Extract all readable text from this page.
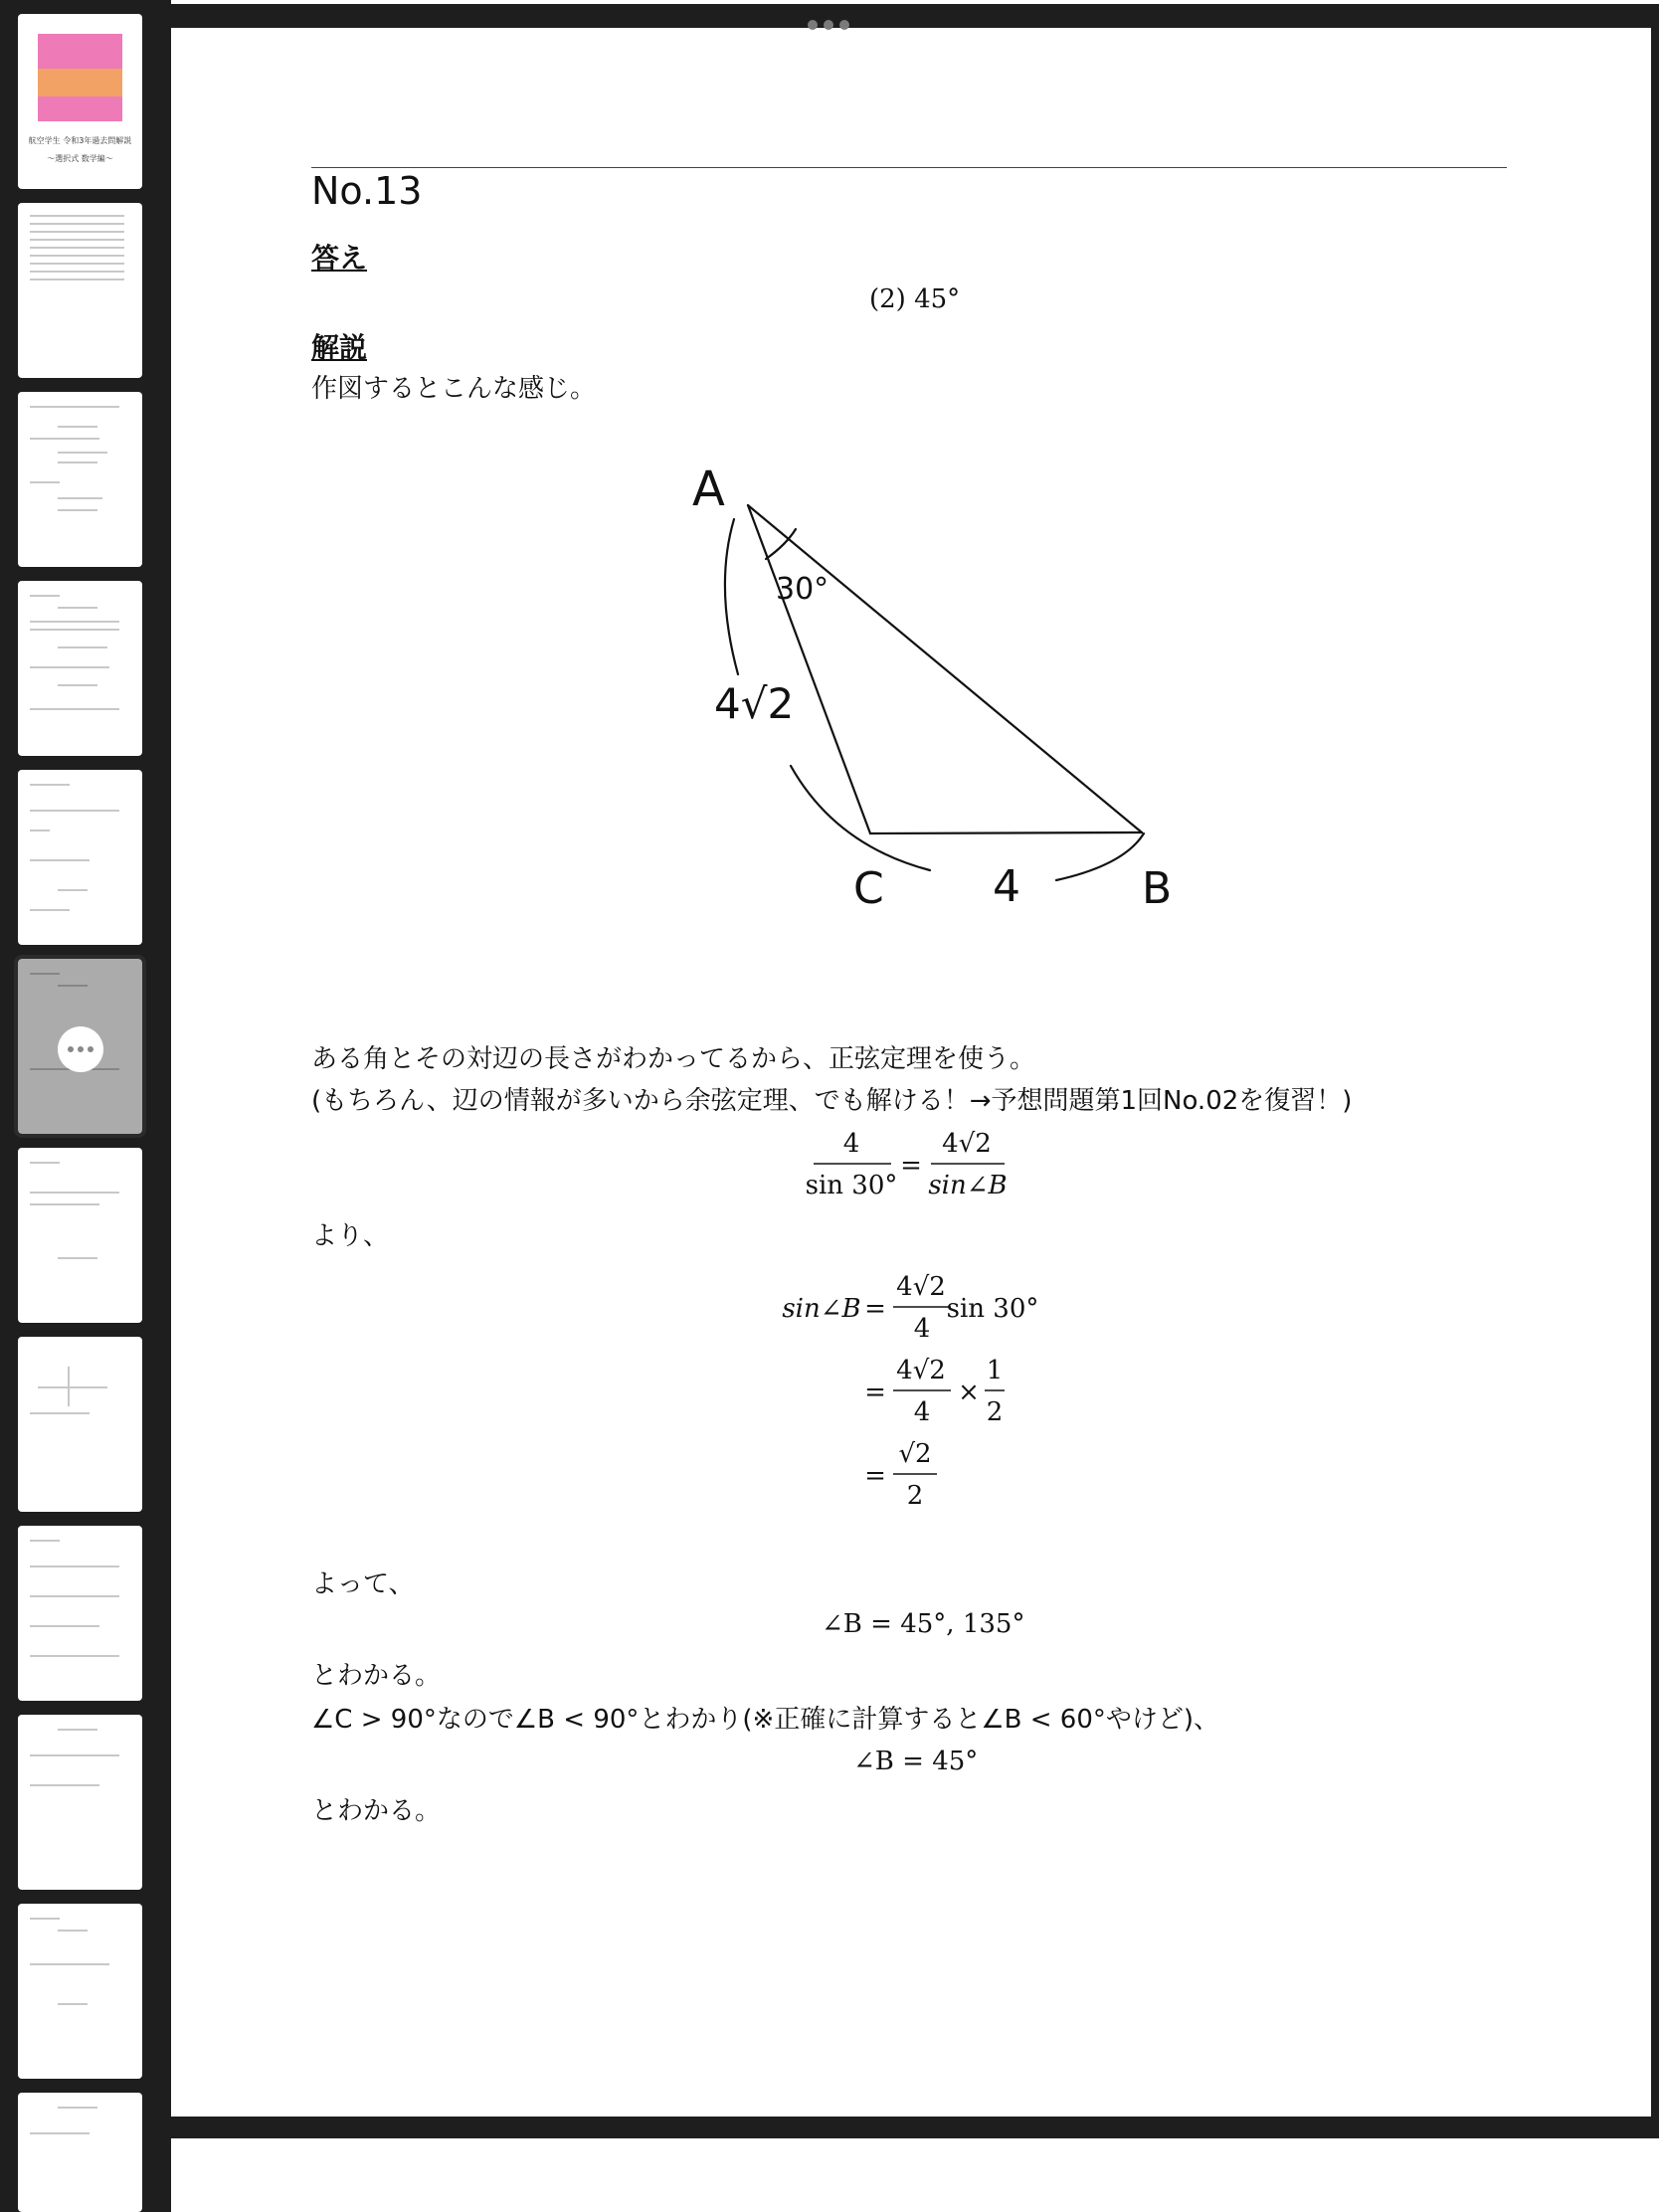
航空学生 令和3年過去問解説
〜選択式 数学編〜
No.13
答え
(2) 45°
解説
作図するとこんな感じ。
A
30°
4√2
C 4	B
ある角とその対辺の長さがわかってるから、正弦定理を使う。
(もちろん、辺の情報が多いから余弦定理、でも解ける！→予想問題第1回No.02を復習！)
4
sin 30°
=
4√2
sin∠B
より、
sin∠B =
4√2
4
sin 30°
=
4√2
4
×
1
2
=
√2
2
よって、
∠B = 45°, 135°
とわかる。
∠C > 90°なので∠B < 90°とわかり(※正確に計算すると∠B < 60°やけど)、
∠B = 45°
とわかる。
